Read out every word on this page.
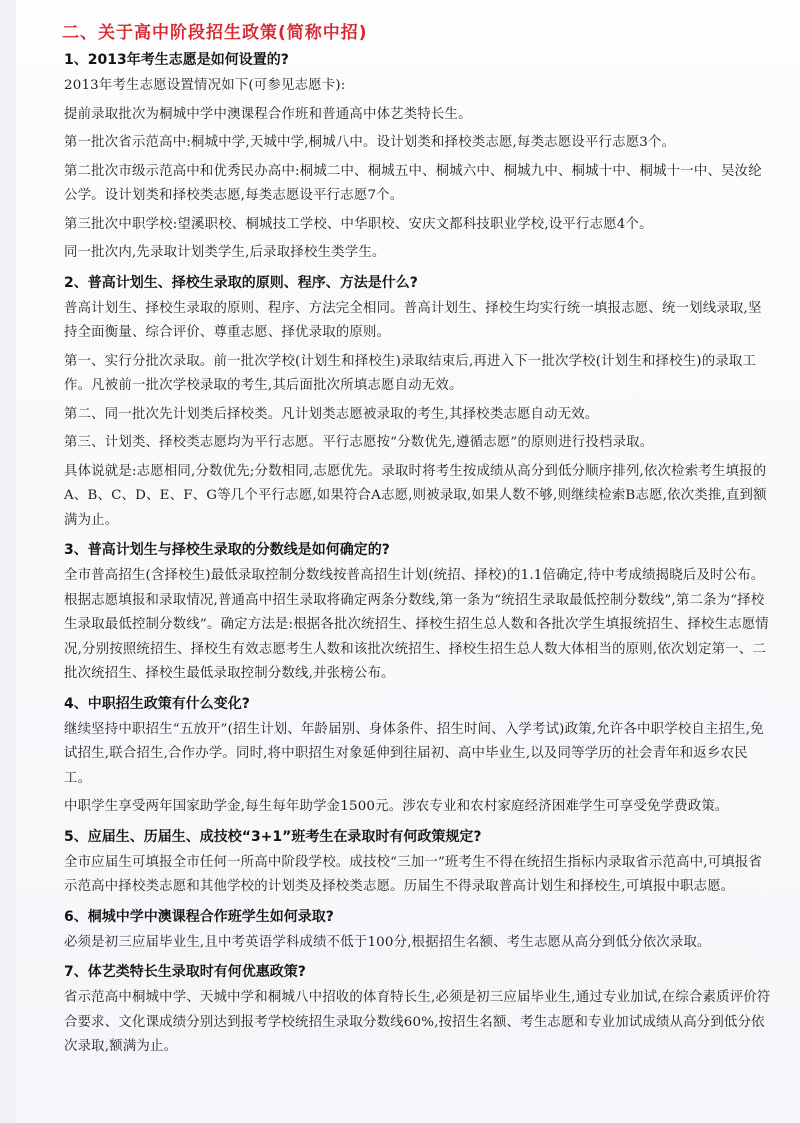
二、关于高中阶段招生政策(简称中招)
1、2013年考生志愿是如何设置的?

2013年考生志愿设置情况如下(可参见志愿卡):

提前录取批次为桐城中学中澳课程合作班和普通高中体艺类特长生。

第一批次省示范高中:桐城中学,天城中学,桐城八中。设计划类和择校类志愿,每类志愿设平行志愿3个。

第二批次市级示范高中和优秀民办高中:桐城二中、桐城五中、桐城六中、桐城九中、桐城十中、桐城十一中、吴汝纶公学。设计划类和择校类志愿,每类志愿设平行志愿7个。

第三批次中职学校:望溪职校、桐城技工学校、中华职校、安庆文都科技职业学校,设平行志愿4个。

同一批次内,先录取计划类学生,后录取择校生类学生。

2、普高计划生、择校生录取的原则、程序、方法是什么?

普高计划生、择校生录取的原则、程序、方法完全相同。普高计划生、择校生均实行统一填报志愿、统一划线录取,坚持全面衡量、综合评价、尊重志愿、择优录取的原则。

第一、实行分批次录取。前一批次学校(计划生和择校生)录取结束后,再进入下一批次学校(计划生和择校生)的录取工作。凡被前一批次学校录取的考生,其后面批次所填志愿自动无效。

第二、同一批次先计划类后择校类。凡计划类志愿被录取的考生,其择校类志愿自动无效。

第三、计划类、择校类志愿均为平行志愿。平行志愿按“分数优先,遵循志愿”的原则进行投档录取。

具体说就是:志愿相同,分数优先;分数相同,志愿优先。录取时将考生按成绩从高分到低分顺序排列,依次检索考生填报的A、B、C、D、E、F、G等几个平行志愿,如果符合A志愿,则被录取,如果人数不够,则继续检索B志愿,依次类推,直到额满为止。

3、普高计划生与择校生录取的分数线是如何确定的?

全市普高招生(含择校生)最低录取控制分数线按普高招生计划(统招、择校)的1.1倍确定,待中考成绩揭晓后及时公布。根据志愿填报和录取情况,普通高中招生录取将确定两条分数线,第一条为“统招生录取最低控制分数线”,第二条为“择校生录取最低控制分数线”。确定方法是:根据各批次统招生、择校生招生总人数和各批次学生填报统招生、择校生志愿情况,分别按照统招生、择校生有效志愿考生人数和该批次统招生、择校生招生总人数大体相当的原则,依次划定第一、二批次统招生、择校生最低录取控制分数线,并张榜公布。

4、中职招生政策有什么变化?

继续坚持中职招生“五放开”(招生计划、年龄届别、身体条件、招生时间、入学考试)政策,允许各中职学校自主招生,免试招生,联合招生,合作办学。同时,将中职招生对象延伸到往届初、高中毕业生,以及同等学历的社会青年和返乡农民工。

中职学生享受两年国家助学金,每生每年助学金1500元。涉农专业和农村家庭经济困难学生可享受免学费政策。

5、应届生、历届生、成技校“3+1”班考生在录取时有何政策规定?

全市应届生可填报全市任何一所高中阶段学校。成技校“三加一”班考生不得在统招生指标内录取省示范高中,可填报省示范高中择校类志愿和其他学校的计划类及择校类志愿。历届生不得录取普高计划生和择校生,可填报中职志愿。

6、桐城中学中澳课程合作班学生如何录取?

必须是初三应届毕业生,且中考英语学科成绩不低于100分,根据招生名额、考生志愿从高分到低分依次录取。

7、体艺类特长生录取时有何优惠政策?

省示范高中桐城中学、天城中学和桐城八中招收的体育特长生,必须是初三应届毕业生,通过专业加试,在综合素质评价符合要求、文化课成绩分别达到报考学校统招生录取分数线60%,按招生名额、考生志愿和专业加试成绩从高分到低分依次录取,额满为止。
